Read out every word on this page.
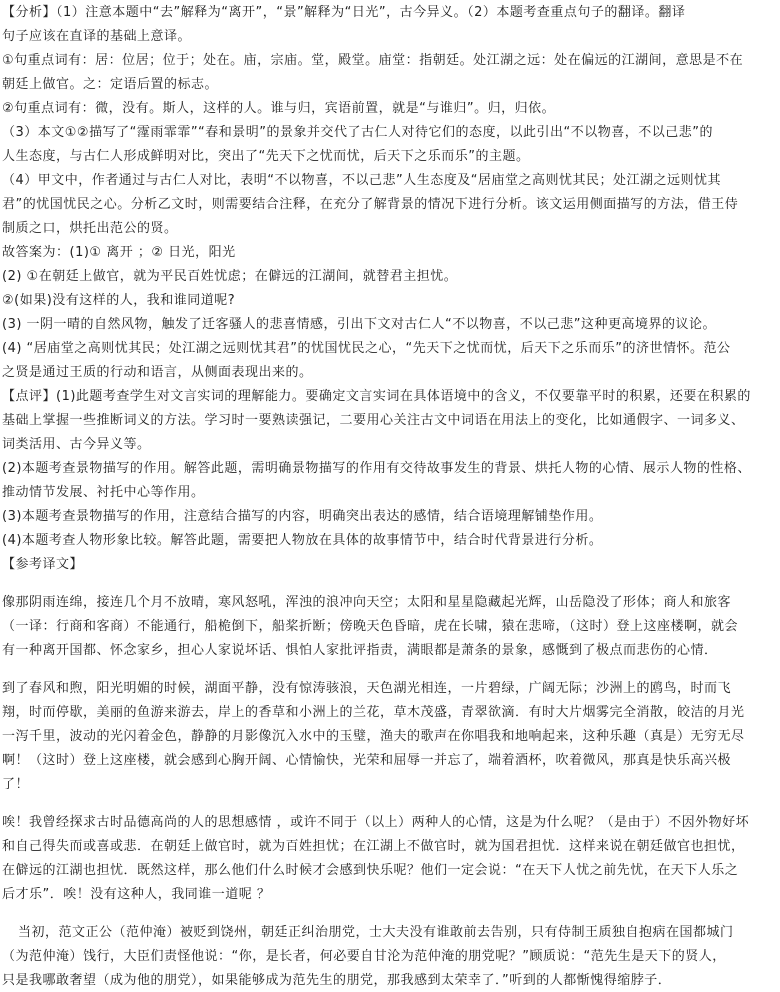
【分析】（1）注意本题中“去”解释为“离开”，“景”解释为“日光”，古今异义。（2）本题考查重点句子的翻译。翻译
句子应该在直译的基础上意译。
①句重点词有：居：位居；位于；处在。庙，宗庙。堂，殿堂。庙堂：指朝廷。处江湖之远：处在偏远的江湖间，意思是不在
朝廷上做官。之：定语后置的标志。
②句重点词有：微，没有。斯人，这样的人。谁与归，宾语前置，就是“与谁归”。归，归依。
（3）本文①②描写了“霪雨霏霏”“春和景明”的景象并交代了古仁人对待它们的态度，以此引出“不以物喜，不以己悲”的
人生态度，与古仁人形成鲜明对比，突出了“先天下之忧而忧，后天下之乐而乐”的主题。
（4）甲文中，作者通过与古仁人对比，表明“不以物喜，不以己悲”人生态度及“居庙堂之高则忧其民；处江湖之远则忧其
君”的忧国忧民之心。分析乙文时，则需要结合注释，在充分了解背景的情况下进行分析。该文运用侧面描写的方法，借王侍
制质之口，烘托出范公的贤。
故答案为：(1)① 离开 ；② 日光，阳光
(2) ①在朝廷上做官，就为平民百姓忧虑；在僻远的江湖间，就替君主担忧。
②(如果)没有这样的人，我和谁同道呢?
(3) 一阴一晴的自然风物，触发了迁客骚人的悲喜情感，引出下文对古仁人“不以物喜，不以己悲”这种更高境界的议论。
(4) “居庙堂之高则忧其民；处江湖之远则忧其君”的忧国忧民之心，“先天下之忧而忧，后天下之乐而乐”的济世情怀。范公
之贤是通过王质的行动和语言，从侧面表现出来的。
【点评】(1)此题考查学生对文言实词的理解能力。要确定文言实词在具体语境中的含义，不仅要靠平时的积累，还要在积累的
基础上掌握一些推断词义的方法。学习时一要熟读强记，二要用心关注古文中词语在用法上的变化，比如通假字、一词多义、
词类活用、古今异义等。
(2)本题考查景物描写的作用。解答此题，需明确景物描写的作用有交待故事发生的背景、烘托人物的心情、展示人物的性格、
推动情节发展、衬托中心等作用。
(3)本题考查景物描写的作用，注意结合描写的内容，明确突出表达的感情，结合语境理解铺垫作用。
(4)本题考查人物形象比较。解答此题，需要把人物放在具体的故事情节中，结合时代背景进行分析。
【参考译文】
像那阴雨连绵，接连几个月不放晴，寒风怒吼，浑浊的浪冲向天空；太阳和星星隐藏起光辉，山岳隐没了形体；商人和旅客
（一译：行商和客商）不能通行，船桅倒下，船桨折断；傍晚天色昏暗，虎在长啸，猿在悲啼，（这时）登上这座楼啊，就会
有一种离开国都、怀念家乡，担心人家说坏话、惧怕人家批评指责，满眼都是萧条的景象，感慨到了极点而悲伤的心情．
到了春风和煦，阳光明媚的时候，湖面平静，没有惊涛骇浪，天色湖光相连，一片碧绿，广阔无际；沙洲上的鸥鸟，时而飞
翔，时而停歇，美丽的鱼游来游去，岸上的香草和小洲上的兰花，草木茂盛，青翠欲滴．有时大片烟雾完全消散，皎洁的月光
一泻千里，波动的光闪着金色，静静的月影像沉入水中的玉璧，渔夫的歌声在你唱我和地响起来，这种乐趣（真是）无穷无尽
啊！（这时）登上这座楼，就会感到心胸开阔、心情愉快，光荣和屈辱一并忘了，端着酒杯，吹着微风，那真是快乐高兴极
了！
唉！我曾经探求古时品德高尚的人的思想感情 ，或许不同于（以上）两种人的心情，这是为什么呢？（是由于）不因外物好坏
和自己得失而或喜或悲．在朝廷上做官时，就为百姓担忧；在江湖上不做官时，就为国君担忧．这样来说在朝廷做官也担忧，
在僻远的江湖也担忧．既然这样，那么他们什么时候才会感到快乐呢？他们一定会说：“在天下人忧之前先忧，在天下人乐之
后才乐”．唉！没有这种人，我同谁一道呢 ？
当初，范文正公（范仲淹）被贬到饶州，朝廷正纠治朋党，士大夫没有谁敢前去告别，只有侍制王质独自抱病在国都城门
（为范仲淹）饯行，大臣们责怪他说：“你，是长者，何必要自甘沦为范仲淹的朋党呢？”顾质说：“范先生是天下的贤人，
只是我哪敢奢望（成为他的朋党），如果能够成为范先生的朋党，那我感到太荣幸了．”听到的人都惭愧得缩脖子．
